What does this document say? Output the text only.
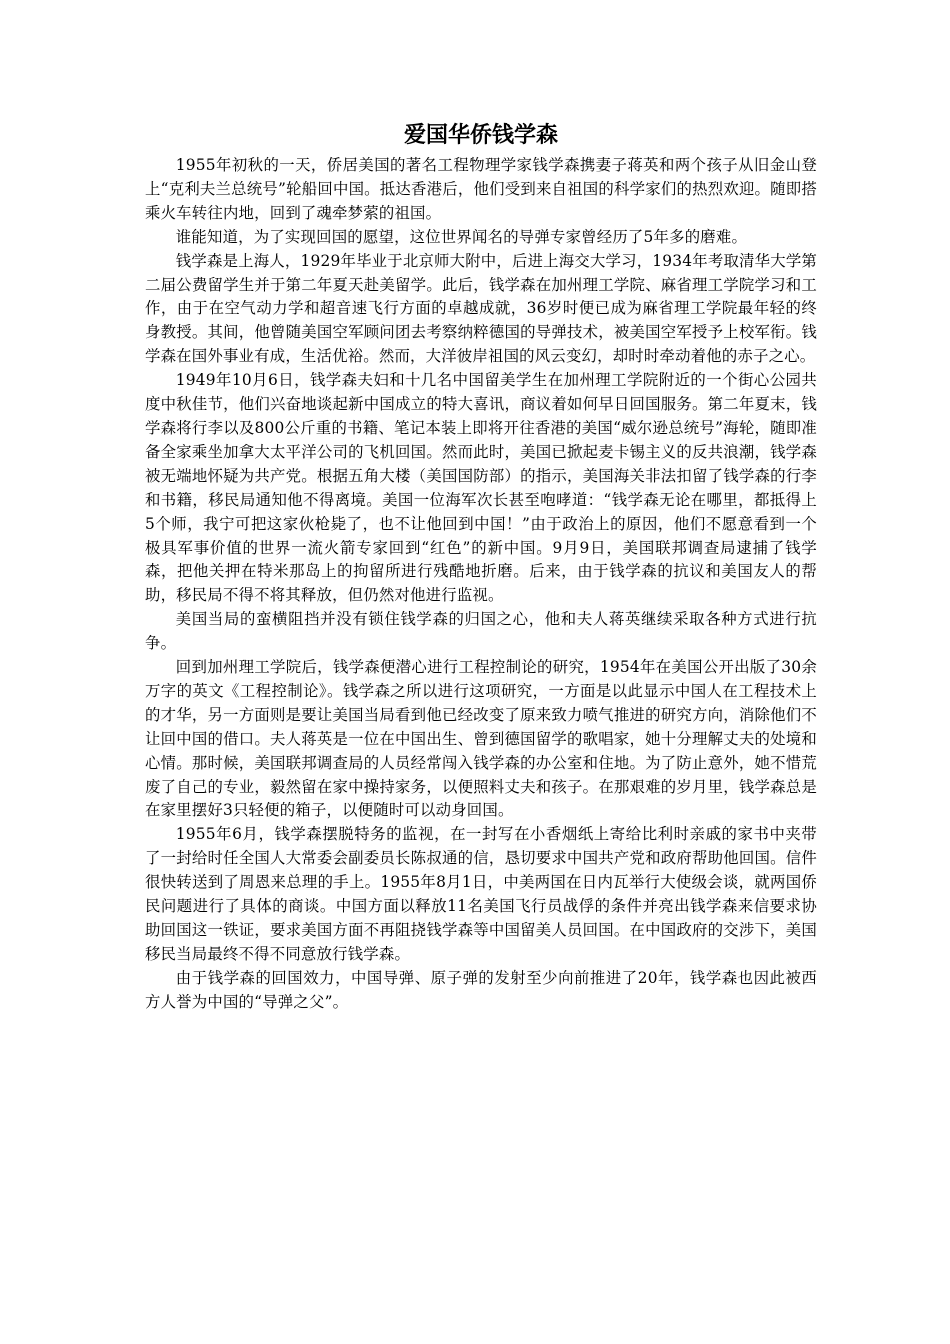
爱国华侨钱学森

1955年初秋的一天，侨居美国的著名工程物理学家钱学森携妻子蒋英和两个孩子从旧金山登上“克利夫兰总统号”轮船回中国。抵达香港后，他们受到来自祖国的科学家们的热烈欢迎。随即搭乘火车转往内地，回到了魂牵梦萦的祖国。

谁能知道，为了实现回国的愿望，这位世界闻名的导弹专家曾经历了5年多的磨难。

钱学森是上海人，1929年毕业于北京师大附中，后进上海交大学习，1934年考取清华大学第二届公费留学生并于第二年夏天赴美留学。此后，钱学森在加州理工学院、麻省理工学院学习和工作，由于在空气动力学和超音速飞行方面的卓越成就，36岁时便已成为麻省理工学院最年轻的终身教授。其间，他曾随美国空军顾问团去考察纳粹德国的导弹技术，被美国空军授予上校军衔。钱学森在国外事业有成，生活优裕。然而，大洋彼岸祖国的风云变幻，却时时牵动着他的赤子之心。

1949年10月6日，钱学森夫妇和十几名中国留美学生在加州理工学院附近的一个街心公园共度中秋佳节，他们兴奋地谈起新中国成立的特大喜讯，商议着如何早日回国服务。第二年夏末，钱学森将行李以及800公斤重的书籍、笔记本装上即将开往香港的美国“威尔逊总统号”海轮，随即准备全家乘坐加拿大太平洋公司的飞机回国。然而此时，美国已掀起麦卡锡主义的反共浪潮，钱学森被无端地怀疑为共产党。根据五角大楼（美国国防部）的指示，美国海关非法扣留了钱学森的行李和书籍，移民局通知他不得离境。美国一位海军次长甚至咆哮道：“钱学森无论在哪里，都抵得上5个师，我宁可把这家伙枪毙了，也不让他回到中国！”由于政治上的原因，他们不愿意看到一个极具军事价值的世界一流火箭专家回到“红色”的新中国。9月9日，美国联邦调查局逮捕了钱学森，把他关押在特米那岛上的拘留所进行残酷地折磨。后来，由于钱学森的抗议和美国友人的帮助，移民局不得不将其释放，但仍然对他进行监视。

美国当局的蛮横阻挡并没有锁住钱学森的归国之心，他和夫人蒋英继续采取各种方式进行抗争。

回到加州理工学院后，钱学森便潜心进行工程控制论的研究，1954年在美国公开出版了30余万字的英文《工程控制论》。钱学森之所以进行这项研究，一方面是以此显示中国人在工程技术上的才华，另一方面则是要让美国当局看到他已经改变了原来致力喷气推进的研究方向，消除他们不让回中国的借口。夫人蒋英是一位在中国出生、曾到德国留学的歌唱家，她十分理解丈夫的处境和心情。那时候，美国联邦调查局的人员经常闯入钱学森的办公室和住地。为了防止意外，她不惜荒废了自己的专业，毅然留在家中操持家务，以便照料丈夫和孩子。在那艰难的岁月里，钱学森总是在家里摆好3只轻便的箱子，以便随时可以动身回国。

1955年6月，钱学森摆脱特务的监视，在一封写在小香烟纸上寄给比利时亲戚的家书中夹带了一封给时任全国人大常委会副委员长陈叔通的信，恳切要求中国共产党和政府帮助他回国。信件很快转送到了周恩来总理的手上。1955年8月1日，中美两国在日内瓦举行大使级会谈，就两国侨民问题进行了具体的商谈。中国方面以释放11名美国飞行员战俘的条件并亮出钱学森来信要求协助回国这一铁证，要求美国方面不再阻挠钱学森等中国留美人员回国。在中国政府的交涉下，美国移民当局最终不得不同意放行钱学森。

由于钱学森的回国效力，中国导弹、原子弹的发射至少向前推进了20年，钱学森也因此被西方人誉为中国的“导弹之父”。
